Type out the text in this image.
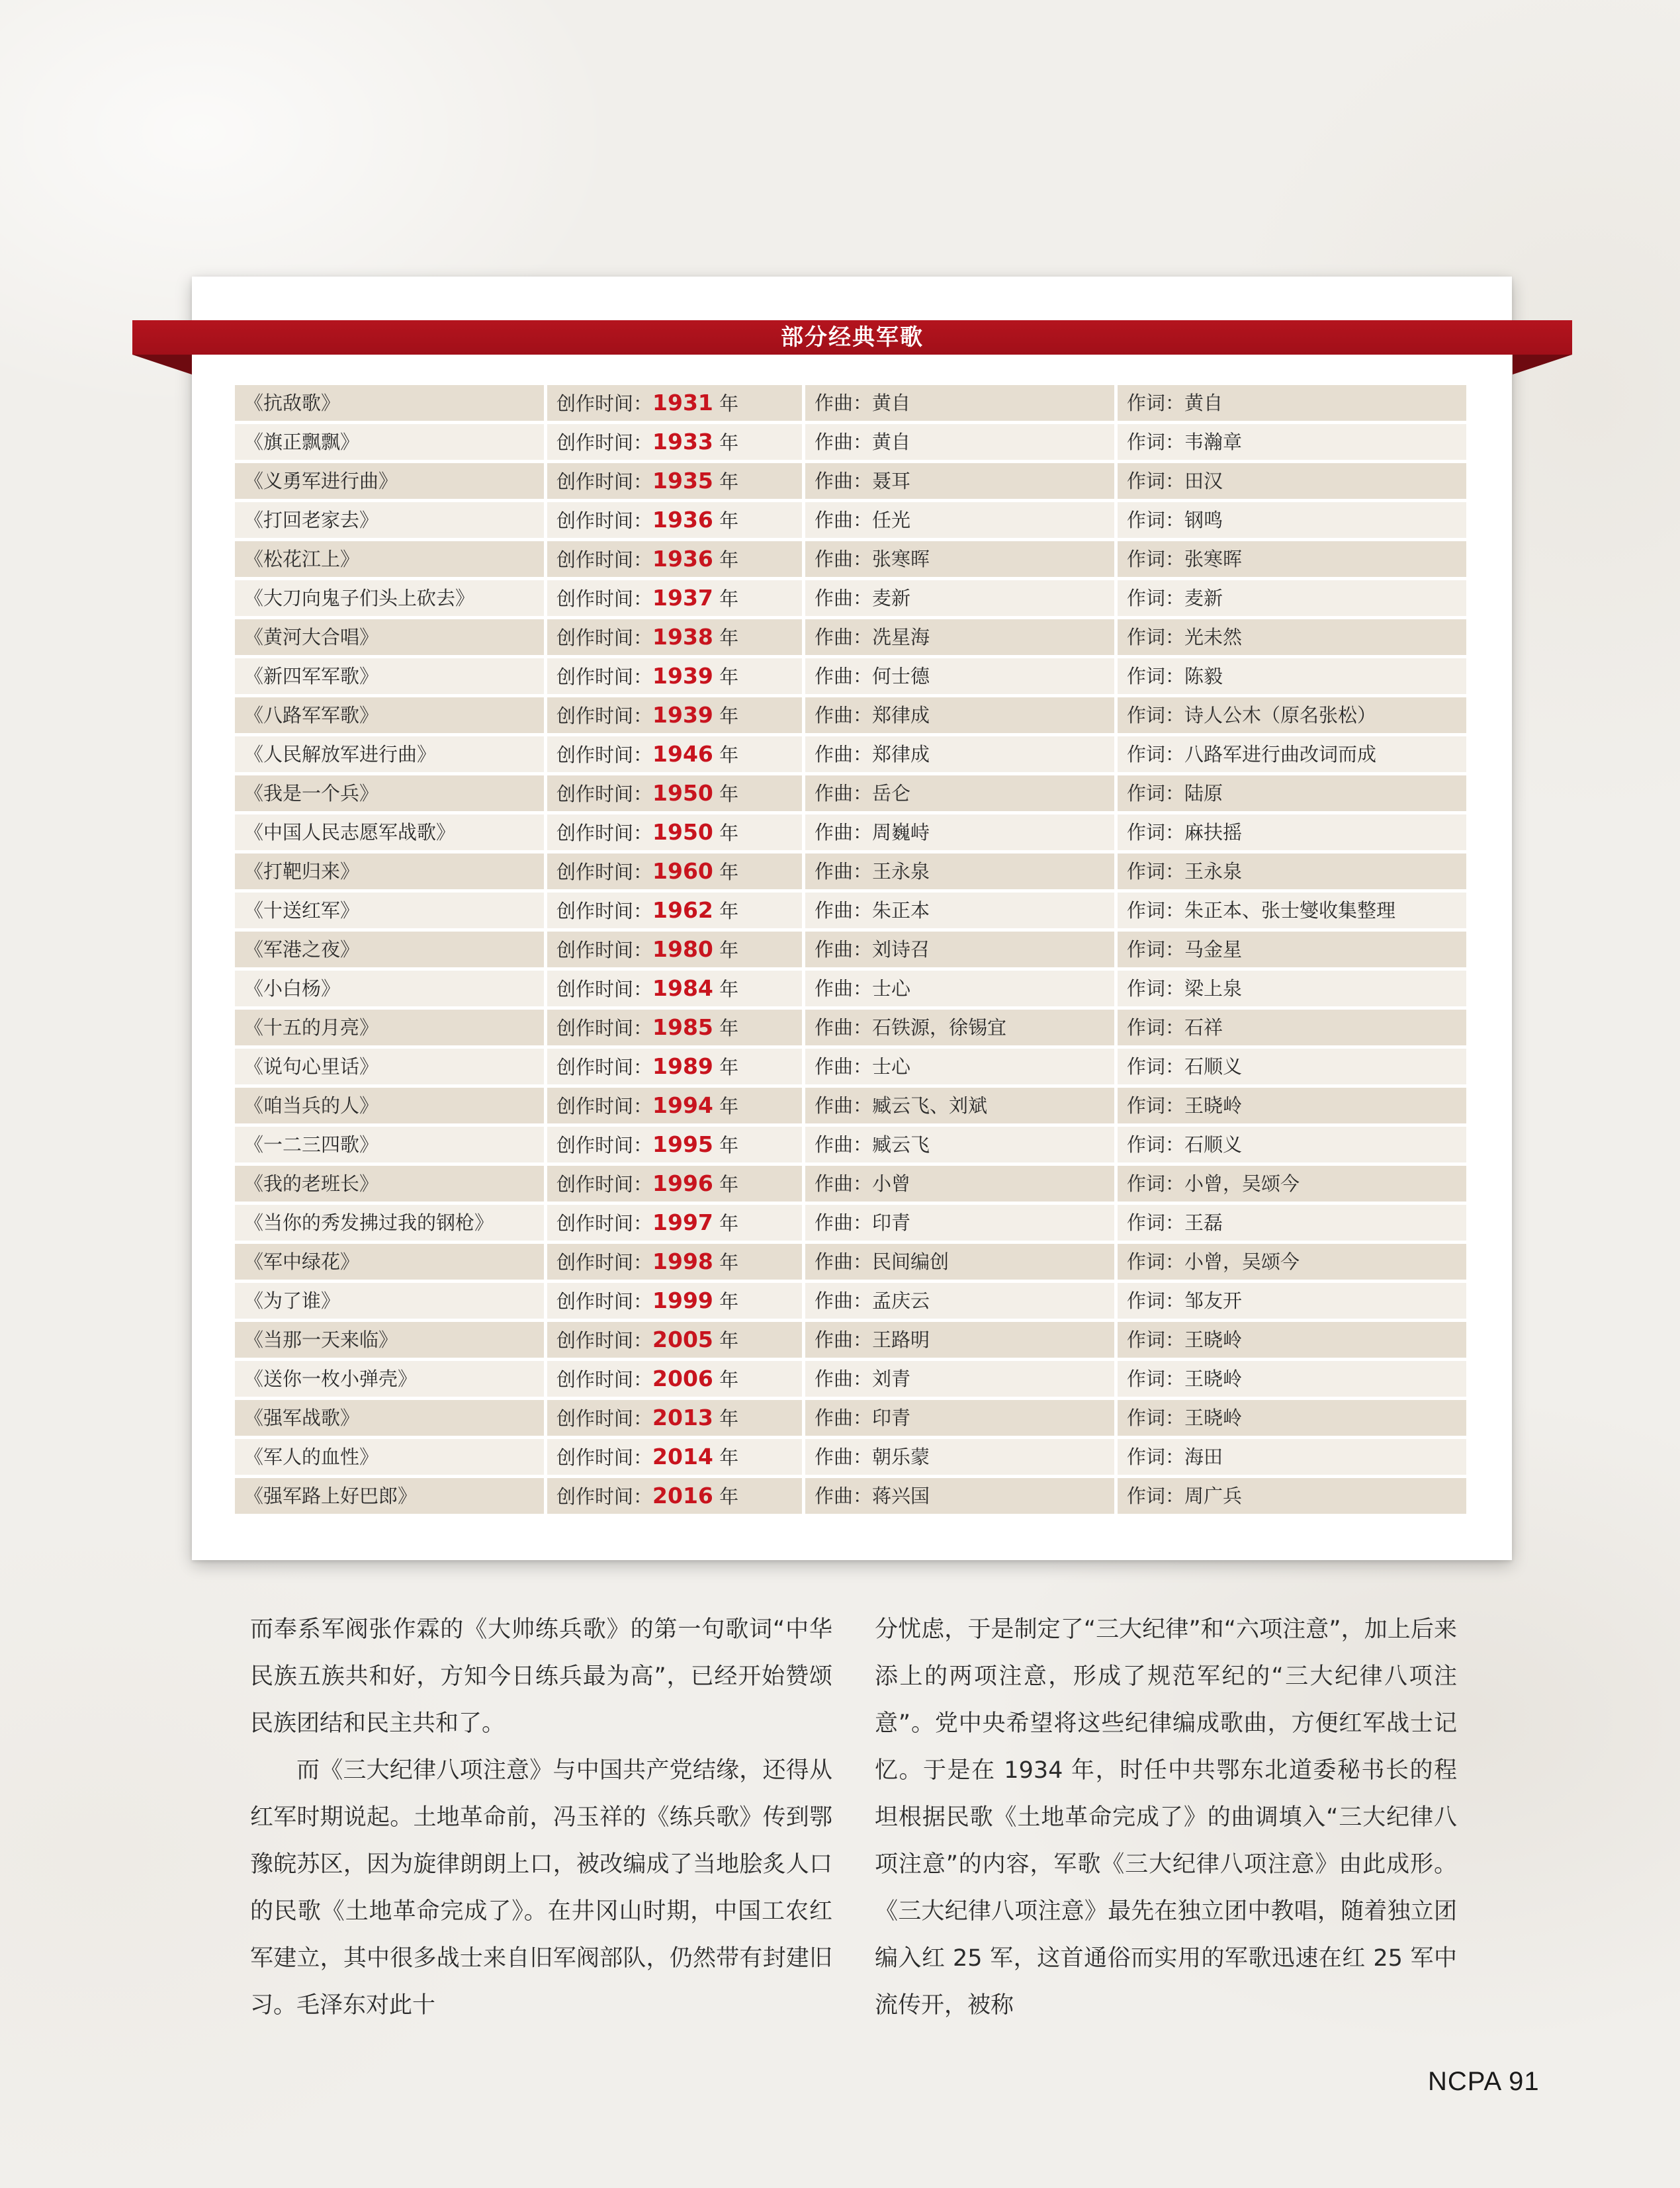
部分经典军歌
《抗敌歌》	创作时间：1931 年	作曲：黄自	作词：黄自
《旗正飘飘》	创作时间：1933 年	作曲：黄自	作词：韦瀚章
《义勇军进行曲》	创作时间：1935 年	作曲：聂耳	作词：田汉
《打回老家去》	创作时间：1936 年	作曲：任光	作词：钢鸣
《松花江上》	创作时间：1936 年	作曲：张寒晖	作词：张寒晖
《大刀向鬼子们头上砍去》	创作时间：1937 年	作曲：麦新	作词：麦新
《黄河大合唱》	创作时间：1938 年	作曲：冼星海	作词：光未然
《新四军军歌》	创作时间：1939 年	作曲：何士德	作词：陈毅
《八路军军歌》	创作时间：1939 年	作曲：郑律成	作词：诗人公木（原名张松）
《人民解放军进行曲》	创作时间：1946 年	作曲：郑律成	作词：八路军进行曲改词而成
《我是一个兵》	创作时间：1950 年	作曲：岳仑	作词：陆原
《中国人民志愿军战歌》	创作时间：1950 年	作曲：周巍峙	作词：麻扶摇
《打靶归来》	创作时间：1960 年	作曲：王永泉	作词：王永泉
《十送红军》	创作时间：1962 年	作曲：朱正本	作词：朱正本、张士燮收集整理
《军港之夜》	创作时间：1980 年	作曲：刘诗召	作词：马金星
《小白杨》	创作时间：1984 年	作曲：士心	作词：梁上泉
《十五的月亮》	创作时间：1985 年	作曲：石铁源，徐锡宜	作词：石祥
《说句心里话》	创作时间：1989 年	作曲：士心	作词：石顺义
《咱当兵的人》	创作时间：1994 年	作曲：臧云飞、刘斌	作词：王晓岭
《一二三四歌》	创作时间：1995 年	作曲：臧云飞	作词：石顺义
《我的老班长》	创作时间：1996 年	作曲：小曾	作词：小曾，吴颂今
《当你的秀发拂过我的钢枪》	创作时间：1997 年	作曲：印青	作词：王磊
《军中绿花》	创作时间：1998 年	作曲：民间编创	作词：小曾，吴颂今
《为了谁》	创作时间：1999 年	作曲：孟庆云	作词：邹友开
《当那一天来临》	创作时间：2005 年	作曲：王路明	作词：王晓岭
《送你一枚小弹壳》	创作时间：2006 年	作曲：刘青	作词：王晓岭
《强军战歌》	创作时间：2013 年	作曲：印青	作词：王晓岭
《军人的血性》	创作时间：2014 年	作曲：朝乐蒙	作词：海田
《强军路上好巴郎》	创作时间：2016 年	作曲：蒋兴国	作词：周广兵

而奉系军阀张作霖的《大帅练兵歌》的第一句歌词“中华民族五族共和好，方知今日练兵最为高”，已经开始赞颂民族团结和民主共和了。

而《三大纪律八项注意》与中国共产党结缘，还得从红军时期说起。土地革命前，冯玉祥的《练兵歌》传到鄂豫皖苏区，因为旋律朗朗上口，被改编成了当地脍炙人口的民歌《土地革命完成了》。在井冈山时期，中国工农红军建立，其中很多战士来自旧军阀部队，仍然带有封建旧习。毛泽东对此十

分忧虑，于是制定了“三大纪律”和“六项注意”，加上后来添上的两项注意，形成了规范军纪的“三大纪律八项注意”。党中央希望将这些纪律编成歌曲，方便红军战士记忆。于是在 1934 年，时任中共鄂东北道委秘书长的程坦根据民歌《土地革命完成了》的曲调填入“三大纪律八项注意”的内容，军歌《三大纪律八项注意》由此成形。《三大纪律八项注意》最先在独立团中教唱，随着独立团编入红 25 军，这首通俗而实用的军歌迅速在红 25 军中流传开，被称

NCPA 91
